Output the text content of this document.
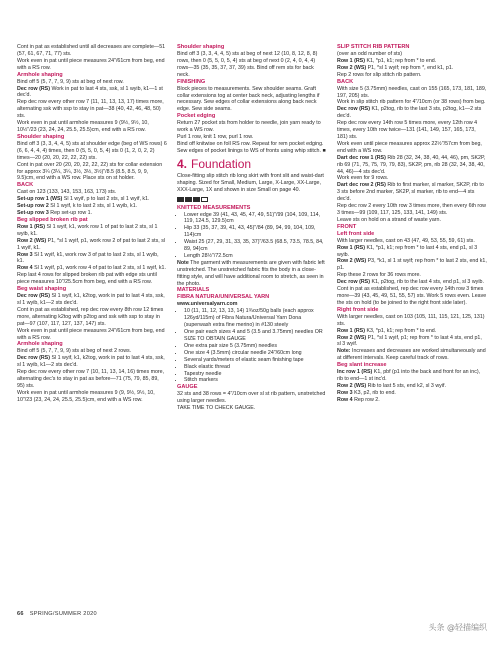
Cont in pat as established until all decreases are complete—51 (57, 61, 67, 71, 77) sts.
Work even in pat until piece measures 24"/61cm from beg, end with a RS row.
Armhole shaping
Bind off 5 (5, 7, 7, 9, 9) sts at beg of next row.
Dec row (RS) Work in pat to last 4 sts, ssk, sl 1 wyib, k1—1 st dec'd.
Rep dec row every other row 7 (11, 11, 13, 13, 17) times more, alternating ssk with ssp to stay in pat—38 (40, 42, 46, 48, 50) sts.
Work even in pat until armhole measures 9 (9½, 9½, 10, 10½"/23 (23, 24, 24, 25.5, 25.5)cm, end with a RS row.
Shoulder shaping
Bind off 3 (3, 3, 4, 4, 5) sts at shoulder edge (beg of WS rows) 6 (6, 6, 4, 4, 4) times, then 0 (5, 5, 0, 5, 4) sts 0 (1, 2, 0, 2, 2) times—20 (20, 20, 22, 22, 22) sts.
Cont in pat over 20 (20, 20, 22, 22, 22) sts for collar extension for approx 3¼ (3¼, 3¼, 3½, 3½, 3½)"/8.5 (8.5, 8.5, 9, 9, 9.5)cm, end with a WS row. Place sts on st holder.
BACK
Cast on 123 (133, 143, 153, 163, 173) sts.
Set-up row 1 (WS) Sl 1 wyif, p to last 2 sts, sl 1 wyif, k1.
Set-up row 2 Sl 1 wyif, k to last 2 sts, sl 1 wyib, k1.
Set-up row 3 Rep set-up row 1.
Beg slipped broken rib pat
Row 1 (RS) Sl 1 wyif, k1, work row 1 of pat to last 2 sts, sl 1 wyib, k1.
Row 2 (WS) P1, *sl 1 wyif, p1, work row 2 of pat to last 2 sts, sl 1 wyif, k1.
Row 3 Sl 1 wyif, k1, work row 3 of pat to last 2 sts, sl 1 wyib, k1.
Row 4 Sl 1 wyif, p1, work row 4 of pat to last 2 sts, sl 1 wyif, k1.
Rep last 4 rows for slipped broken rib pat with edge sts until piece measures 10"/25.5cm from beg, end with a RS row.
Beg waist shaping
Dec row (RS) Sl 1 wyif, k1, k2tog, work in pat to last 4 sts, ssk, sl 1 wyib, k1—2 sts dec'd.
Cont in pat as established, rep dec row every 8th row 12 times more, alternating k2tog with p2tog and ssk with ssp to stay in pat—97 (107, 117, 127, 137, 147) sts.
Work even in pat until piece measures 24"/61cm from beg, end with a RS row.
Armhole shaping
Bind off 5 (5, 7, 7, 9, 9) sts at beg of next 2 rows.
Dec row (RS) Sl 1 wyif, k1, k2tog, work in pat to last 4 sts, ssk, sl 1 wyib, k1—2 sts dec'd.
Rep dec row every other row 7 (10, 11, 13, 14, 16) times more, alternating dec's to stay in pat as before—71 (75, 79, 85, 89, 95) sts.
Work even in pat until armhole measures 9 (9, 9½, 9½, 10, 10"/23 (23, 24, 24, 25.5, 25.5)cm, end with a WS row.
Shoulder shaping
Bind off 3 (3, 3, 4, 4, 5) sts at beg of next 12 (10, 8, 12, 8, 8) rows, then 0 (5, 5, 0, 5, 4) sts at beg of next 0 (2, 4, 0, 4, 4) rows—35 (35, 35, 37, 37, 39) sts. Bind off rem sts for back neck.
FINISHING
Block pieces to measurements. Sew shoulder seams. Graft collar extensions tog at center back neck, adjusting lengths if necessary. Sew edges of collar extensions along back neck edge. Sew side seams.
Pocket edging
Return 27 pocket sts from holder to needle, join yarn ready to work a WS row.
Purl 1 row, knit 1 row, purl 1 row.
Bind off knitwise on foll RS row. Repeat for rem pocket edging. Sew edges of pocket linings to WS of fronts using whip stitch. ■
4. Foundation
Close-fitting slip stitch rib long skirt with front slit and waist-dart shaping. Sized for Small, Medium, Large, X-Large, XX-Large, XXX-Large, 1X and shown in size Small on page 40.
KNITTED MEASUREMENTS
• Lower edge 39 (41, 43, 45, 47, 49, 51)"/99 (104, 109, 114, 119, 124.5, 129.5)cm
• Hip 33 (35, 37, 39, 41, 43, 45)"/84 (89, 94, 99, 104, 109, 114)cm
• Waist 25 (27, 29, 31, 33, 35, 37)"/63.5 (68.5, 73.5, 78.5, 84, 89, 94)cm
• Length 28½"/72.5cm
Note The garment with measurements are given with fabric left unstretched. The unstretched fabric fits the body in a close-fitting style, and will have additional room to stretch, as seen in the photo.
MATERIALS
FIBRA NATURA/UNIVERSAL YARN
www.universalyarn.com
• 10 (11, 11, 12, 13, 13, 14) 1¾oz/50g balls (each approx 126yd/115m) of Fibra Natura/Universal Yarn Dona (superwash extra fine merino) in #130 steely
• One pair each sizes 4 and 5 (3.5 and 3.75mm) needles OR SIZE TO OBTAIN GAUGE
• One extra pair size 5 (3.75mm) needles
• One size 4 (3.5mm) circular needle 24"/60cm long
• Several yards/meters of elastic seam finishing tape
• Black elastic thread
• Tapestry needle
• Stitch markers
GAUGE
32 sts and 38 rows = 4"/10cm over sl st rib pattern, unstretched using larger needles.
TAKE TIME TO CHECK GAUGE.
SLIP STITCH RIB PATTERN
(over an odd number of sts)
Row 1 (RS) K1, *p1, k1; rep from * to end.
Row 2 (WS) P1, *sl 1 wyif; rep from *, end k1, p1.
Rep 2 rows for slip stitch rib pattern.
BACK
With size 5 (3.75mm) needles, cast on 155 (165, 173, 181, 189, 197, 205) sts.
Work in slip stitch rib pattern for 4"/10cm (or 38 rows) from beg.
Dec row (RS) K1, p2tog, rib to the last 3 sts, p2tog, k1—2 sts dec'd.
Rep dec row every 14th row 5 times more, every 12th row 4 times, every 10th row twice—131 (141, 149, 157, 165, 173, 181) sts.
Work even until piece measures approx 22½"/57cm from beg, end with a WS row.
Dart dec row 1 (RS) Rib 28 (32, 34, 38, 40, 44, 46), pm, SK2P, rib 69 (71, 75, 75, 79, 79, 83), SK2P, pm, rib 28 (32, 34, 38, 40, 44, 46)—4 sts dec'd.
Work even for 9 rows.
Dart dec row 2 (RS) Rib to first marker, sl marker, SK2P, rib to 3 sts before 2nd marker, SK2P, sl marker, rib to end—4 sts dec'd.
Rep dec row 2 every 10th row 3 times more, then every 6th row 3 times—99 (109, 117, 125, 133, 141, 149) sts.
Leave sts on hold on a strand of waste yarn.
FRONT
Left front side
With larger needles, cast on 43 (47, 49, 53, 55, 59, 61) sts.
Row 1 (RS) K1, *p1, k1; rep from * to last 4 sts, end p1, sl 3 wyib.
Row 2 (WS) P3, *k1, sl 1 st wyif; rep from * to last 2 sts, end k1, p1.
Rep these 2 rows for 36 rows more.
Dec row (RS) K1, p2tog, rib to the last 4 sts, end p1, sl 3 wyib.
Cont in pat as established, rep dec row every 14th row 3 times more—39 (43, 45, 49, 51, 55, 57) sts. Work 5 rows even. Leave the sts on hold (to be joined to the right front side later).
Right front side
With larger needles, cast on 103 (105, 111, 115, 121, 125, 131) sts.
Row 1 (RS) K3, *p1, k1; rep from * to end.
Row 2 (WS) P1, *sl 1 wyif, p1; rep from * to last 4 sts, end p1, sl 3 wyif.
Note: Increases and decreases are worked simultaneously and at different intervals. Keep careful track of rows.
Beg slant increase
Inc row 1 (RS) K1, pbf (p1 into the back and front for an inc), rib to end—1 st inc'd.
Row 2 (WS) Rib to last 5 sts, end k2, sl 3 wyif.
Row 3 K3, p2, rib to end.
Row 4 Rep row 2.
66 SPRING/SUMMER 2020
头条 @轻描编织
